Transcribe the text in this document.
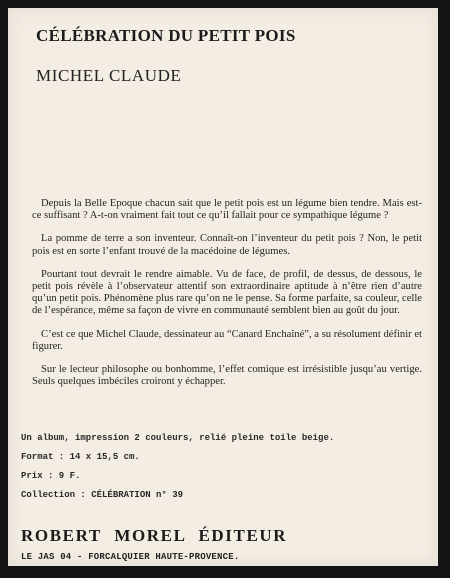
CÉLÉBRATION DU PETIT POIS
MICHEL CLAUDE

Depuis la Belle Epoque chacun sait que le petit pois est un légume bien tendre. Mais est-ce suffisant ? A-t-on vraiment fait tout ce qu’il fallait pour ce sympathique légume ?

La pomme de terre a son inventeur. Connaît-on l’inventeur du petit pois ? Non, le petit pois est en sorte l’enfant trouvé de la macédoine de légumes.

Pourtant tout devrait le rendre aimable. Vu de face, de profil, de dessus, de dessous, le petit pois révèle à l’observateur attentif son extraordinaire aptitude à n’être rien d’autre qu’un petit pois. Phénomène plus rare qu’on ne le pense. Sa forme parfaite, sa couleur, celle de l’espérance, même sa façon de vivre en communauté semblent bien au goût du jour.

C’est ce que Michel Claude, dessinateur au “Canard Enchaîné”, a su résolument définir et figurer.

Sur le lecteur philosophe ou bonhomme, l’effet comique est irrésistible jusqu’au vertige. Seuls quelques imbéciles croiront y échapper.

Un album, impression 2 couleurs, relié pleine toile beige.
Format : 14 x 15,5 cm.
Prix : 9 F.
Collection : CÉLÉBRATION n° 39
ROBERT MOREL ÉDITEUR
LE JAS 04 - FORCALQUIER HAUTE-PROVENCE.
